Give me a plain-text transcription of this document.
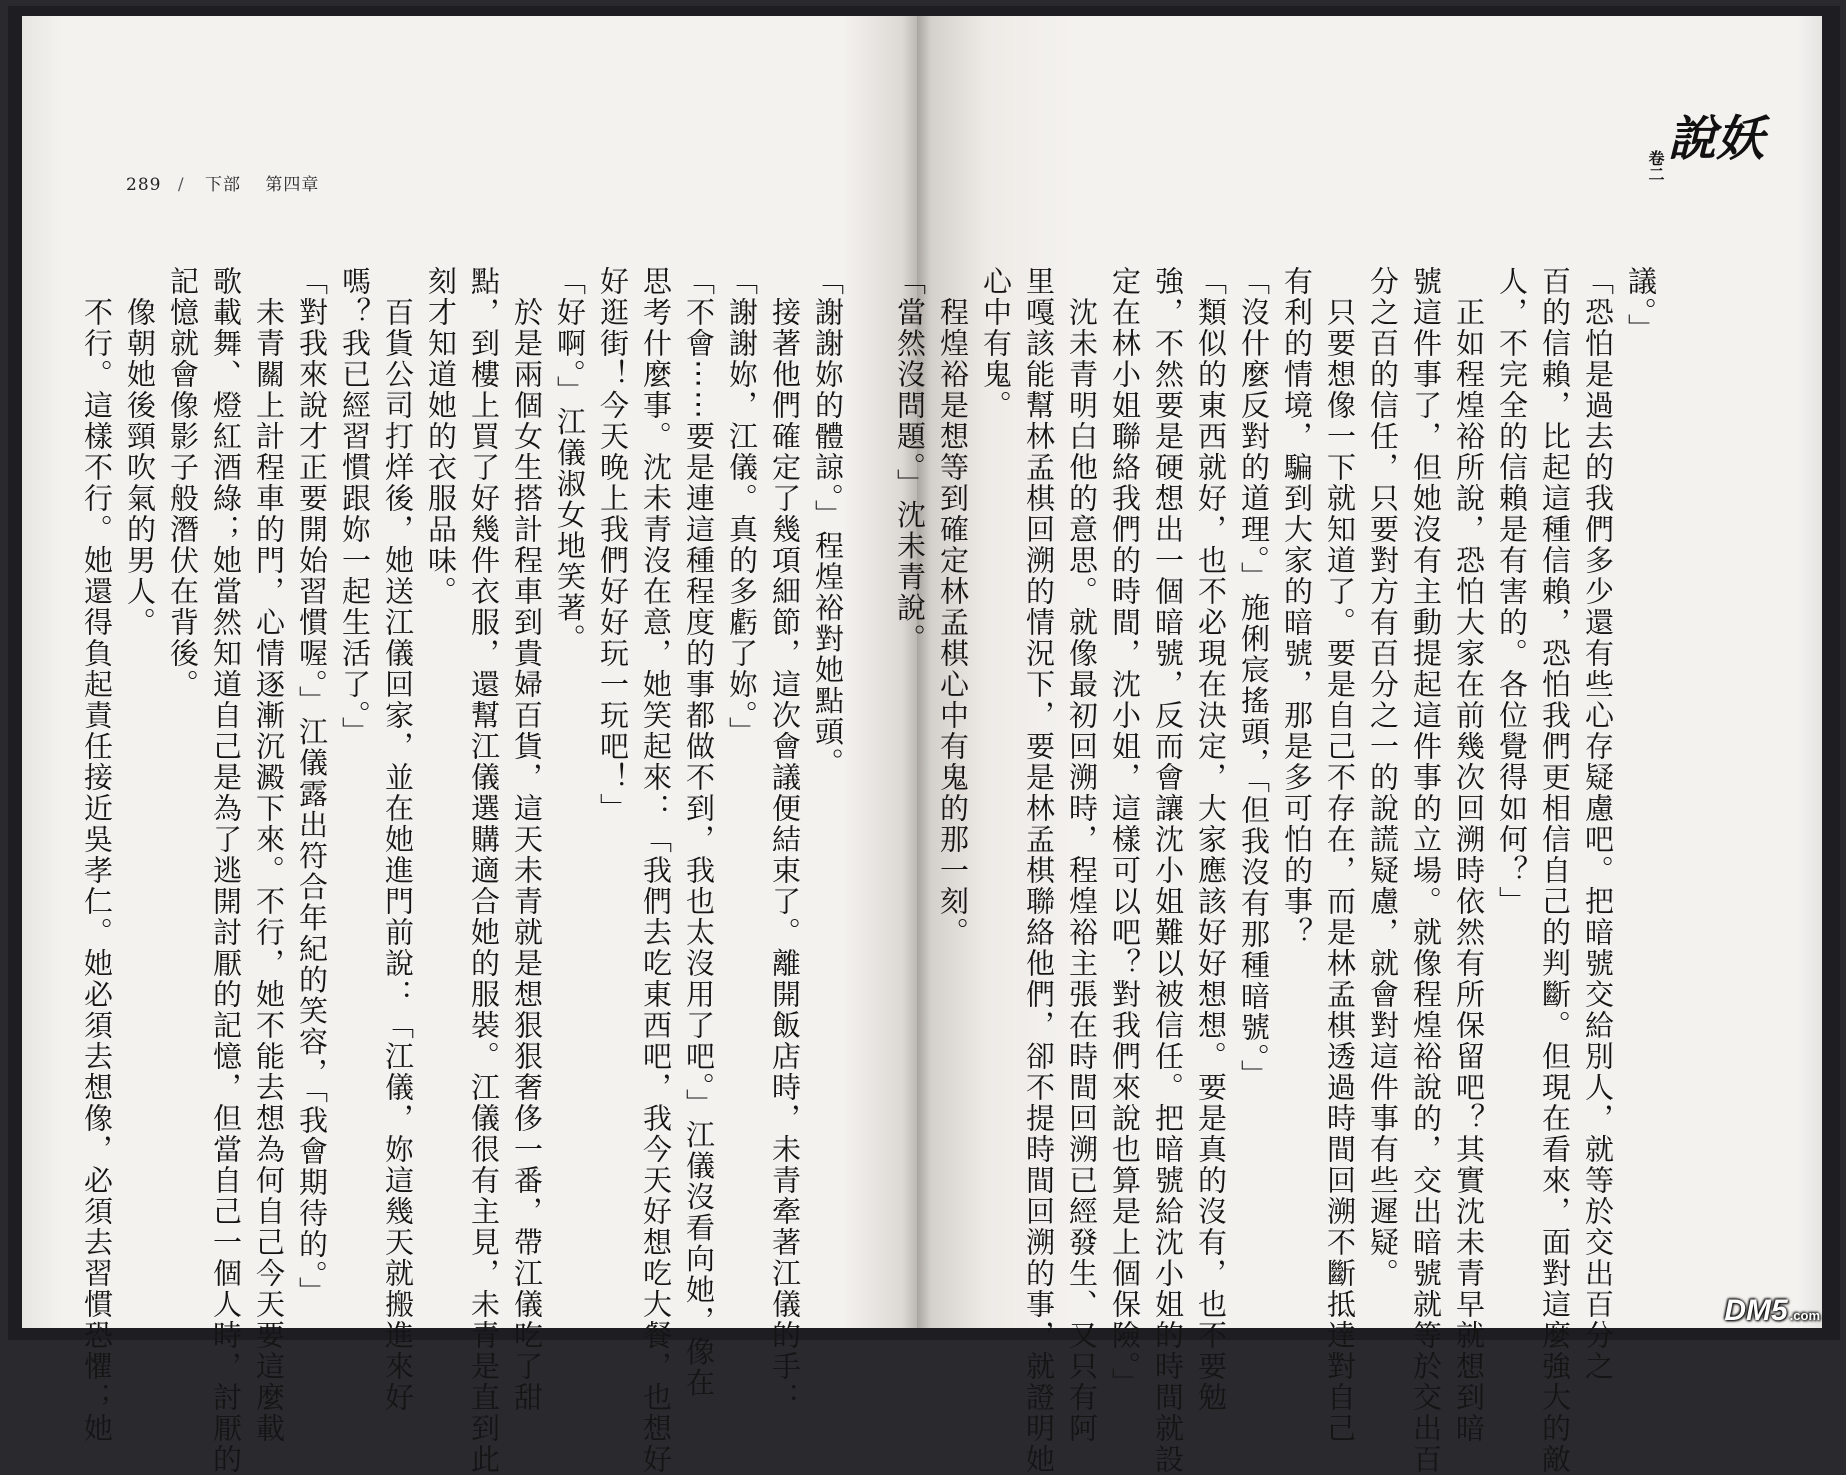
289 / 下部 第四章

「謝謝妳的體諒。」程煌裕對她點頭。

　接著他們確定了幾項細節，這次會議便結束了。離開飯店時，未青牽著江儀的手：

「謝謝妳，江儀。真的多虧了妳。」

「不會⋯⋯要是連這種程度的事都做不到，我也太沒用了吧。」江儀沒看向她，像在

思考什麼事。沈未青沒在意，她笑起來：「我們去吃東西吧，我今天好想吃大餐，也想好

好逛街！今天晚上我們好好玩一玩吧！」

「好啊。」江儀淑女地笑著。

　於是兩個女生搭計程車到貴婦百貨，這天未青就是想狠狠奢侈一番，帶江儀吃了甜

點，到樓上買了好幾件衣服，還幫江儀選購適合她的服裝。江儀很有主見，未青是直到此

刻才知道她的衣服品味。

　百貨公司打烊後，她送江儀回家，並在她進門前說：「江儀，妳這幾天就搬進來好

嗎？我已經習慣跟妳一起生活了。」

「對我來說才正要開始習慣喔。」江儀露出符合年紀的笑容，「我會期待的。」

　未青關上計程車的門，心情逐漸沉澱下來。不行，她不能去想為何自己今天要這麼載

歌載舞、燈紅酒綠；她當然知道自己是為了逃開討厭的記憶，但當自己一個人時，討厭的

記憶就會像影子般潛伏在背後。

　像朝她後頸吹氣的男人。

　不行。這樣不行。她還得負起責任接近吳孝仁。她必須去想像，必須去習慣恐懼；她

卷二 說妖

議。」

「恐怕是過去的我們多少還有些心存疑慮吧。把暗號交給別人，就等於交出百分之

百的信賴，比起這種信賴，恐怕我們更相信自己的判斷。但現在看來，面對這麼強大的敵

人，不完全的信賴是有害的。各位覺得如何？」

　正如程煌裕所說，恐怕大家在前幾次回溯時依然有所保留吧？其實沈未青早就想到暗

號這件事了，但她沒有主動提起這件事的立場。就像程煌裕說的，交出暗號就等於交出百

分之百的信任，只要對方有百分之一的說謊疑慮，就會對這件事有些遲疑。

　只要想像一下就知道了。要是自己不存在，而是林孟棋透過時間回溯不斷抵達對自己

有利的情境，騙到大家的暗號，那是多可怕的事？

「沒什麼反對的道理。」施俐宸搖頭，「但我沒有那種暗號。」

「類似的東西就好，也不必現在決定，大家應該好好想想。要是真的沒有，也不要勉

強，不然要是硬想出一個暗號，反而會讓沈小姐難以被信任。把暗號給沈小姐的時間就設

定在林小姐聯絡我們的時間，沈小姐，這樣可以吧？對我們來說也算是上個保險。」

　沈未青明白他的意思。就像最初回溯時，程煌裕主張在時間回溯已經發生、又只有阿

里嘎該能幫林孟棋回溯的情況下，要是林孟棋聯絡他們，卻不提時間回溯的事，就證明她

心中有鬼。

　程煌裕是想等到確定林孟棋心中有鬼的那一刻。

「當然沒問題。」沈未青說。

DM5 .com
